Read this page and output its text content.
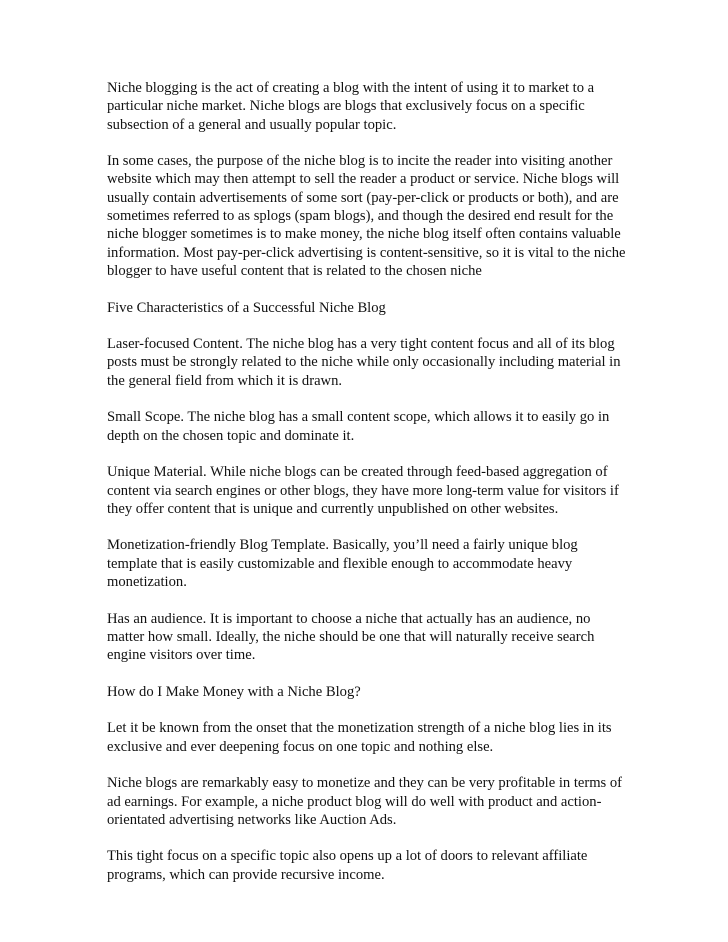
Niche blogging is the act of creating a blog with the intent of using it to market to a particular niche market. Niche blogs are blogs that exclusively focus on a specific subsection of a general and usually popular topic.

In some cases, the purpose of the niche blog is to incite the reader into visiting another website which may then attempt to sell the reader a product or service. Niche blogs will usually contain advertisements of some sort (pay-per-click or products or both), and are sometimes referred to as splogs (spam blogs), and though the desired end result for the niche blogger sometimes is to make money, the niche blog itself often contains valuable information. Most pay-per-click advertising is content-sensitive, so it is vital to the niche blogger to have useful content that is related to the chosen niche

Five Characteristics of a Successful Niche Blog

Laser-focused Content. The niche blog has a very tight content focus and all of its blog posts must be strongly related to the niche while only occasionally including material in the general field from which it is drawn.

Small Scope. The niche blog has a small content scope, which allows it to easily go in depth on the chosen topic and dominate it.

Unique Material. While niche blogs can be created through feed-based aggregation of content via search engines or other blogs, they have more long-term value for visitors if they offer content that is unique and currently unpublished on other websites.

Monetization-friendly Blog Template. Basically, you’ll need a fairly unique blog template that is easily customizable and flexible enough to accommodate heavy monetization.

Has an audience. It is important to choose a niche that actually has an audience, no matter how small. Ideally, the niche should be one that will naturally receive search engine visitors over time.

How do I Make Money with a Niche Blog?

Let it be known from the onset that the monetization strength of a niche blog lies in its exclusive and ever deepening focus on one topic and nothing else.

Niche blogs are remarkably easy to monetize and they can be very profitable in terms of ad earnings. For example, a niche product blog will do well with product and action-orientated advertising networks like Auction Ads.

This tight focus on a specific topic also opens up a lot of doors to relevant affiliate programs, which can provide recursive income.
